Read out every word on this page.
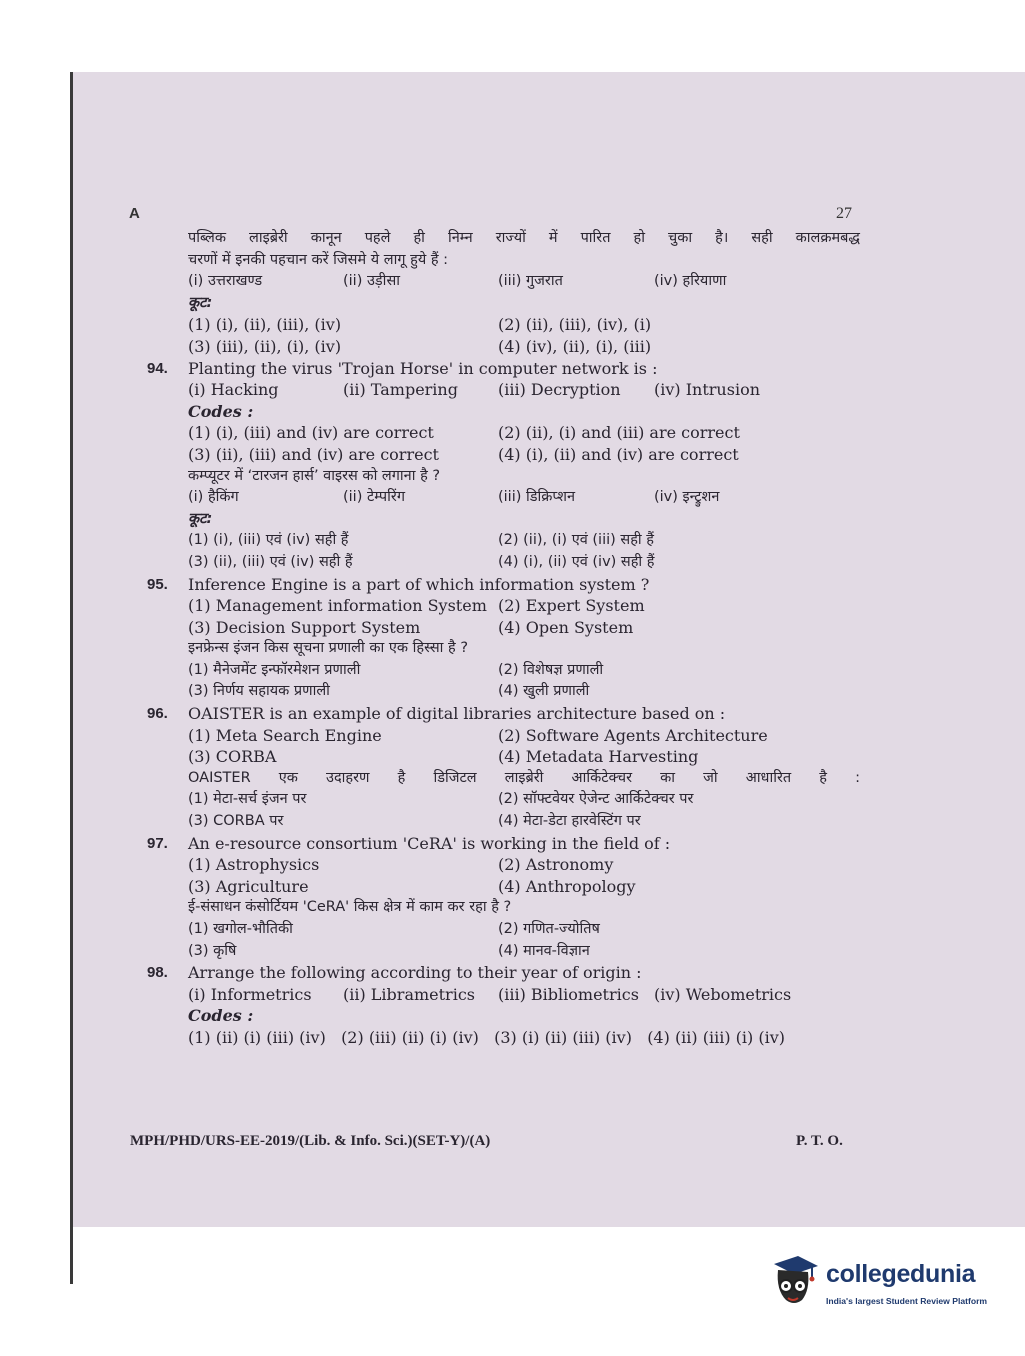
A	27
पब्लिक लाइब्रेरी कानून पहले ही निम्न राज्यों में पारित हो चुका है। सही कालक्रमबद्ध
चरणों में इनकी पहचान करें जिसमे ये लागू हुये हैं :
(i) उत्तराखण्ड	(ii) उड़ीसा	(iii) गुजरात	(iv) हरियाणा
कूट:
(1) (i), (ii), (iii), (iv)	(2) (ii), (iii), (iv), (i)
(3) (iii), (ii), (i), (iv)	(4) (iv), (ii), (i), (iii)
94.	Planting the virus 'Trojan Horse' in computer network is :
(i) Hacking	(ii) Tampering	(iii) Decryption (iv) Intrusion
Codes :
(1) (i), (iii) and (iv) are correct	(2) (ii), (i) and (iii) are correct
(3) (ii), (iii) and (iv) are correct	(4) (i), (ii) and (iv) are correct
कम्प्यूटर में ‘टारजन हार्स’ वाइरस को लगाना है ?
(i) हैकिंग	(ii) टेम्परिंग	(iii) डिक्रिप्शन	(iv) इन्ट्रुशन
कूट:
(1) (i), (iii) एवं (iv) सही हैं	(2) (ii), (i) एवं (iii) सही हैं
(3) (ii), (iii) एवं (iv) सही हैं	(4) (i), (ii) एवं (iv) सही हैं
95.	Inference Engine is a part of which information system ?
(1) Management information System (2) Expert System
(3) Decision Support System	(4) Open System
इनफ्रेन्स इंजन किस सूचना प्रणाली का एक हिस्सा है ?
(1) मैनेजमेंट इन्फॉरमेशन प्रणाली	(2) विशेषज्ञ प्रणाली
(3) निर्णय सहायक प्रणाली	(4) खुली प्रणाली
96.	OAISTER is an example of digital libraries architecture based on :
(1) Meta Search Engine	(2) Software Agents Architecture
(3) CORBA	(4) Metadata Harvesting
OAISTER एक उदाहरण है डिजिटल लाइब्रेरी आर्किटेक्चर का जो आधारित है :
(1) मेटा-सर्च इंजन पर	(2) सॉफ्टवेयर ऐजेन्ट आर्किटेक्चर पर
(3) CORBA पर	(4) मेटा-डेटा हारवेस्टिंग पर
97.	An e-resource consortium 'CeRA' is working in the field of :
(1) Astrophysics	(2) Astronomy
(3) Agriculture	(4) Anthropology
ई-संसाधन कंसोर्टियम 'CeRA' किस क्षेत्र में काम कर रहा है ?
(1) खगोल-भौतिकी	(2) गणित-ज्योतिष
(3) कृषि	(4) मानव-विज्ञान
98.	Arrange the following according to their year of origin :
(i) Informetrics (ii) Librametrics (iii) Bibliometrics (iv) Webometrics
Codes :
(1) (ii) (i) (iii) (iv)   (2) (iii) (ii) (i) (iv)   (3) (i) (ii) (iii) (iv)   (4) (ii) (iii) (i) (iv)
MPH/PHD/URS-EE-2019/(Lib. & Info. Sci.)(SET-Y)/(A)	P. T. O.
collegedunia
India's largest Student Review Platform
